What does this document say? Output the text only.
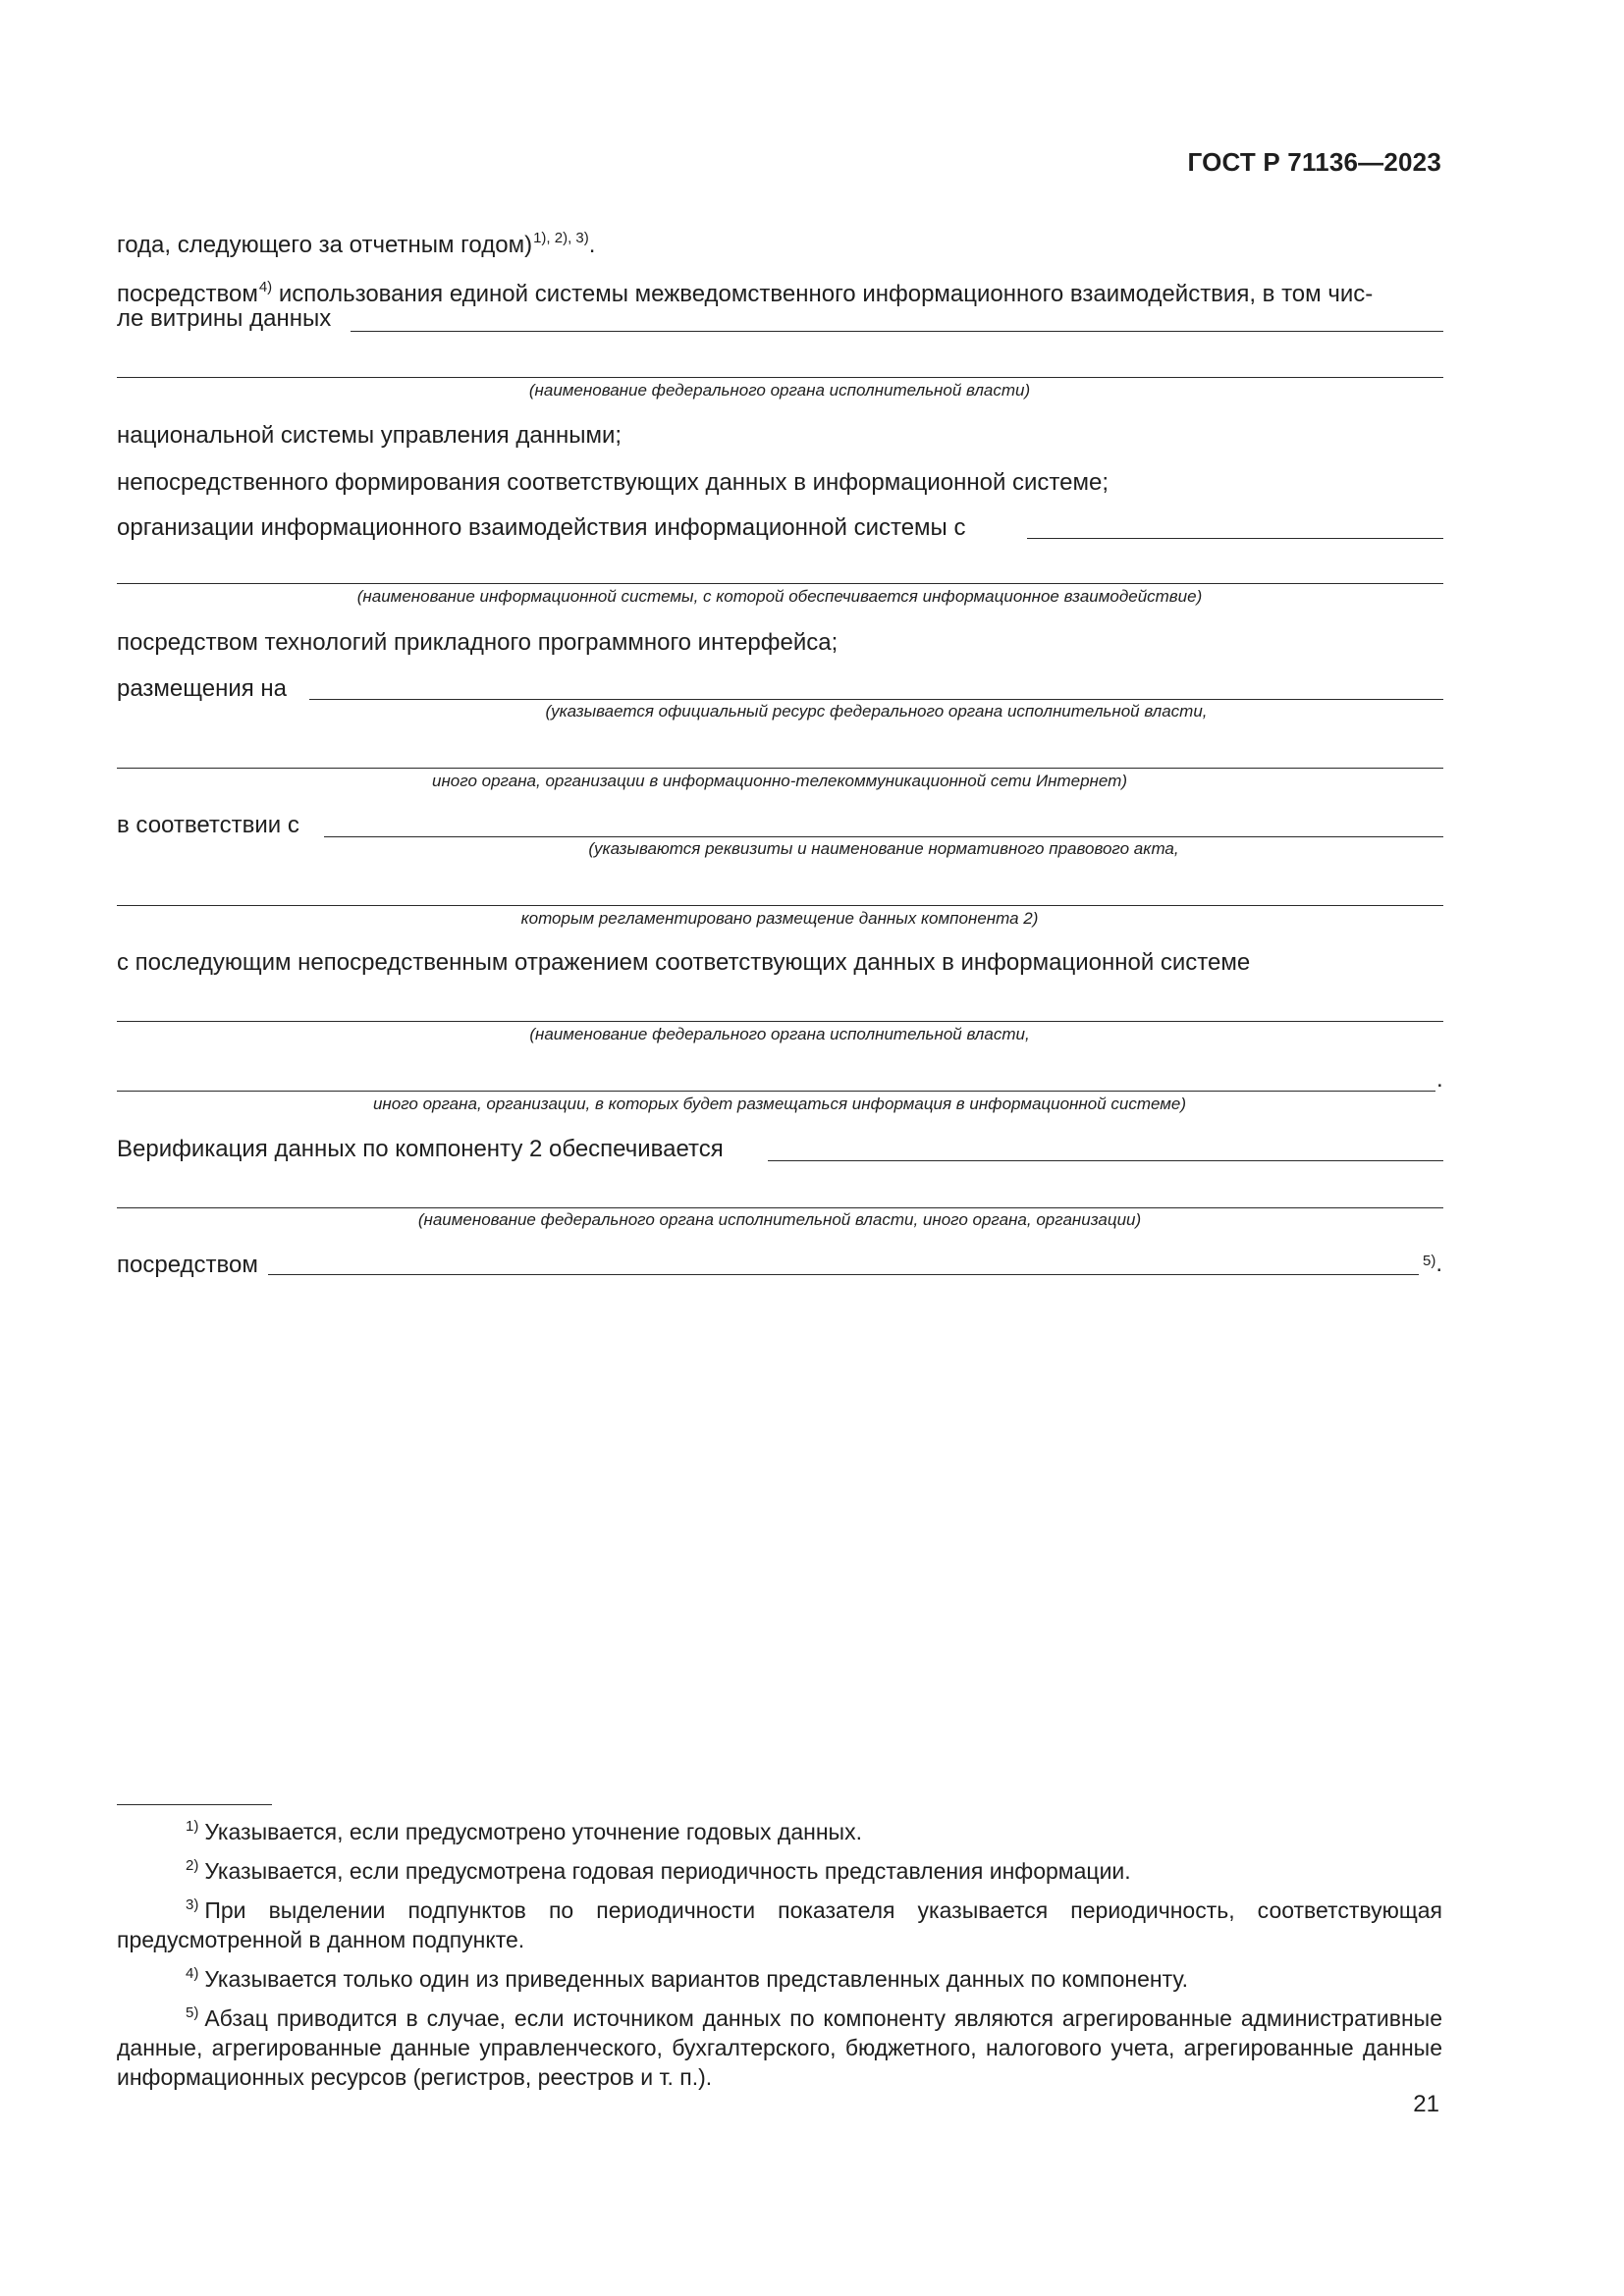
ГОСТ Р 71136—2023
года, следующего за отчетным годом)$^{1), 2), 3)}$.
посредством$^{4)}$ использования единой системы межведомственного информационного взаимодействия, в том чис-
ле витрины данных
(наименование федерального органа исполнительной власти)
национальной системы управления данными;
непосредственного формирования соответствующих данных в информационной системе;
организации информационного взаимодействия информационной системы с
(наименование информационной системы, с которой обеспечивается информационное взаимодействие)
посредством технологий прикладного программного интерфейса;
размещения на
(указывается официальный ресурс федерального органа исполнительной власти,
иного органа, организации в информационно-телекоммуникационной сети Интернет)
в соответствии с
(указываются реквизиты и наименование нормативного правового акта,
которым регламентировано размещение данных компонента 2)
с последующим непосредственным отражением соответствующих данных в информационной системе
(наименование федерального органа исполнительной власти,
.
иного органа, организации, в которых будет размещаться информация в информационной системе)
Верификация данных по компоненту 2 обеспечивается
(наименование федерального органа исполнительной власти, иного органа, организации)
посредством	$^{5)}$.
$^{1)}$ Указывается, если предусмотрено уточнение годовых данных.
$^{2)}$ Указывается, если предусмотрена годовая периодичность представления информации.
$^{3)}$ При выделении подпунктов по периодичности показателя указывается периодичность, соответствующая предусмотренной в данном подпункте.
$^{4)}$ Указывается только один из приведенных вариантов представленных данных по компоненту.
$^{5)}$ Абзац приводится в случае, если источником данных по компоненту являются агрегированные административные данные, агрегированные данные управленческого, бухгалтерского, бюджетного, налогового учета, агрегированные данные информационных ресурсов (регистров, реестров и т. п.).
21
